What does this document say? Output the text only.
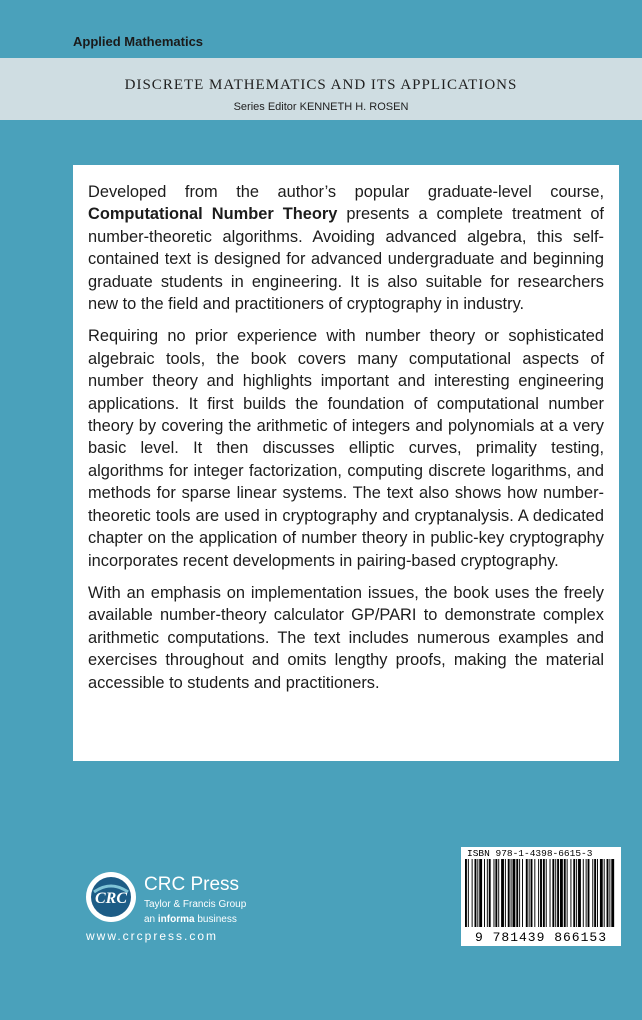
Applied Mathematics
DISCRETE MATHEMATICS AND ITS APPLICATIONS
Series Editor KENNETH H. ROSEN

Developed from the author’s popular graduate-level course, Computational Number Theory presents a complete treatment of number-theoretic algorithms. Avoiding advanced algebra, this self-contained text is designed for advanced undergraduate and beginning graduate students in engineering. It is also suitable for researchers new to the field and practitioners of cryptography in industry.

Requiring no prior experience with number theory or sophisticated algebraic tools, the book covers many computational aspects of number theory and highlights important and interesting engineering applications. It first builds the foundation of computational number theory by covering the arithmetic of integers and polynomials at a very basic level. It then discusses elliptic curves, primality testing, algorithms for integer factorization, computing discrete logarithms, and methods for sparse linear systems. The text also shows how number-theoretic tools are used in cryptography and cryptanalysis. A dedicated chapter on the application of number theory in public-key cryptography incorporates recent developments in pairing-based cryptography.

With an emphasis on implementation issues, the book uses the freely available number-theory calculator GP/PARI to demonstrate complex arithmetic computations. The text includes numerous examples and exercises throughout and omits lengthy proofs, making the material accessible to students and practitioners.

CRC
CRC Press
Taylor & Francis Group
an informa business
www.crcpress.com
ISBN 978-1-4398-6615-3
9 781439 866153
